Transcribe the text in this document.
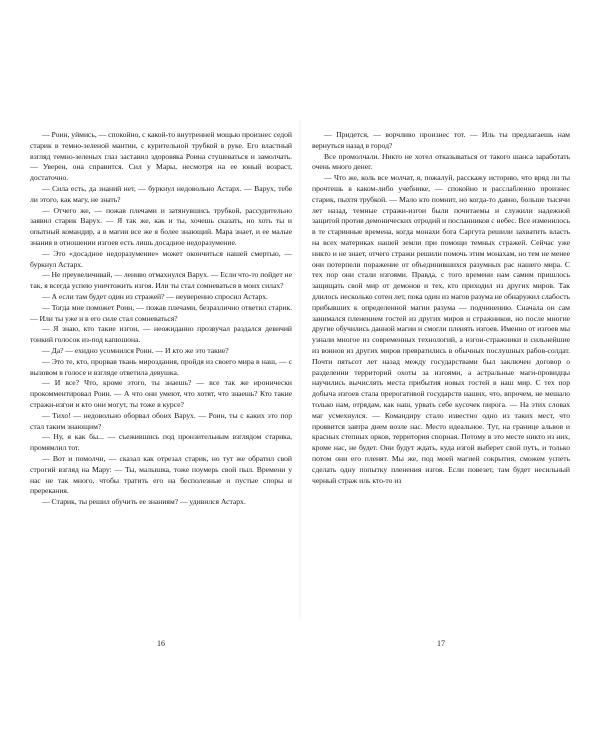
— Роин, уймись, — спокойно, с какой-то внутренней мощью произнес седой старик в темно-зеленой мантии, с курительной трубкой в руке. Его властный взгляд темно-зеленых глаз заставил здоровяка Роина стушеваться и замолчать. — Уверен, она справится. Сил у Мары, несмотря на ее юный возраст, достаточно.

— Сила есть, да знаний нет, — буркнул недовольно Астарх. — Варух, тебе ли этого, как магу, не знать?

— Отчего же, — пожав плечами и затянувшись трубкой, рассудительно заявил старик Варух. — Я так же, как и ты, хочешь сказать, но хоть ты и опытный командир, а в магии все же я более знающий. Мара знает, и ее малые знания в отношении изгоев есть лишь досадное недоразумение.

— Это «досадное недоразумение» может окончиться нашей смертью, — буркнул Астарх.

— Не преувеличивай, — лениво отмахнулся Варух. — Если что-то пойдет не так, я всегда успею уничтожить изгоя. Или ты стал сомневаться в моих силах?

— А если там будет один из стражей? — неуверенно спросил Астарх.

— Тогда мне поможет Роин, — пожав плечами, безразлично ответил старик. — Или ты уже и в его силе стал сомневаться?

— Я знаю, кто такие изгои, — неожиданно прозвучал раздался девичий тонкий голосок из-под капюшона.

— Да? — ехидно усомнился Роин. — И кто же это такие?

— Это те, кто, прорвав ткань мироздания, пройдя из своего мира в наш, — с вызовом в голосе и взгляде ответила девушка.

— И все? Что, кроме этого, ты знаешь? — все так же иронически прокомментировал Роин. — А что они умеют, что хотят, что знаешь? Кто такие стражи-изгои и кто они могут, ты тоже в курсе?

— Тихо! — недовольно оборвал обоих Варух. — Роин, ты с каких это пор стал таким знающим?

— Ну, я как бы... — съежившись под пронзительным взглядом старика, промямлил тот.

— Вот и помолчи, — сказал как отрезал старик, но тут же обратил свой строгий взгляд на Мару: — Ты, малышка, тоже поумерь свой пыл. Времени у нас не так много, чтобы тратить его на бесполезные и пустые споры и пререкания.

— Старик, ты решил обучить ее знаниям? — удивился Астарх.

16

— Придется, — ворчливо произнес тот. — Иль ты предлагаешь нам вернуться назад в город?

Все промолчали. Никто не хотел отказываться от такого шанса заработать очень много денег.

— Что же, коль все молчат, я, пожалуй, расскажу историю, что вряд ли ты прочтешь в каком-либо учебнике, — спокойно и расслабленно произнес старик, пыхтя трубкой. — Мало кто помнит, но когда-то давно, больше тысячи лет назад, темные стражи-изгои были почитаемы и служили надежной защитой против демонических отродий и посланников с небес. Все изменилось в те старинные времена, когда монахи бога Саргута решили захватить власть на всех материках нашей земли при помощи темных стражей. Сейчас уже никто и не знает, отчего стражи решили помочь этим монахам, но тем не менее они потерпели поражение от объединившихся разумных рас нашего мира. С тех пор они стали изгоями. Правда, с того времени нам самим пришлось защищать свой мир от демонов и тех, кто приходил из других миров. Так длилось несколько сотен лет, пока один из магов разума не обнаружил слабость прибывших к определенной магии разума — подчинению. Сначала он сам занимался пленением гостей из других миров и стражников, но после многие другие обучились данной магии и смогли пленять изгоев. Именно от изгоев мы узнали многое из современных технологий, а изгои-стражники и сильнейшие из воинов из других миров превратились в обычных послушных рабов-солдат. Почти пятьсот лет назад между государствами был заключен договор о разделении территорий охоты за изгоями, а астральные маги-провидцы научились вычислять места прибытия новых гостей в наш мир. С тех пор добыча изгоев стала прерогативой государств наших, что, впрочем, не мешало только нам, отрядам, как наш, урвать себе кусочек пирога. — На этих словах маг усмехнулся. — Командиру стало известно одно из таких мест, что проявится завтра днем возле нас. Место идеальное. Тут, на границе альвов и красных степных орков, территория спорная. Потому в это месте никто из них, кроме нас, не будет. Они будут ждать, куда изгой выберет свой путь, и только потом они его пленят. Мы же, под моей магией сокрытия, сможем успеть сделать одну попытку пленения изгоя. Если повезет, там будет несильный черный страж иль кто-то из

17
